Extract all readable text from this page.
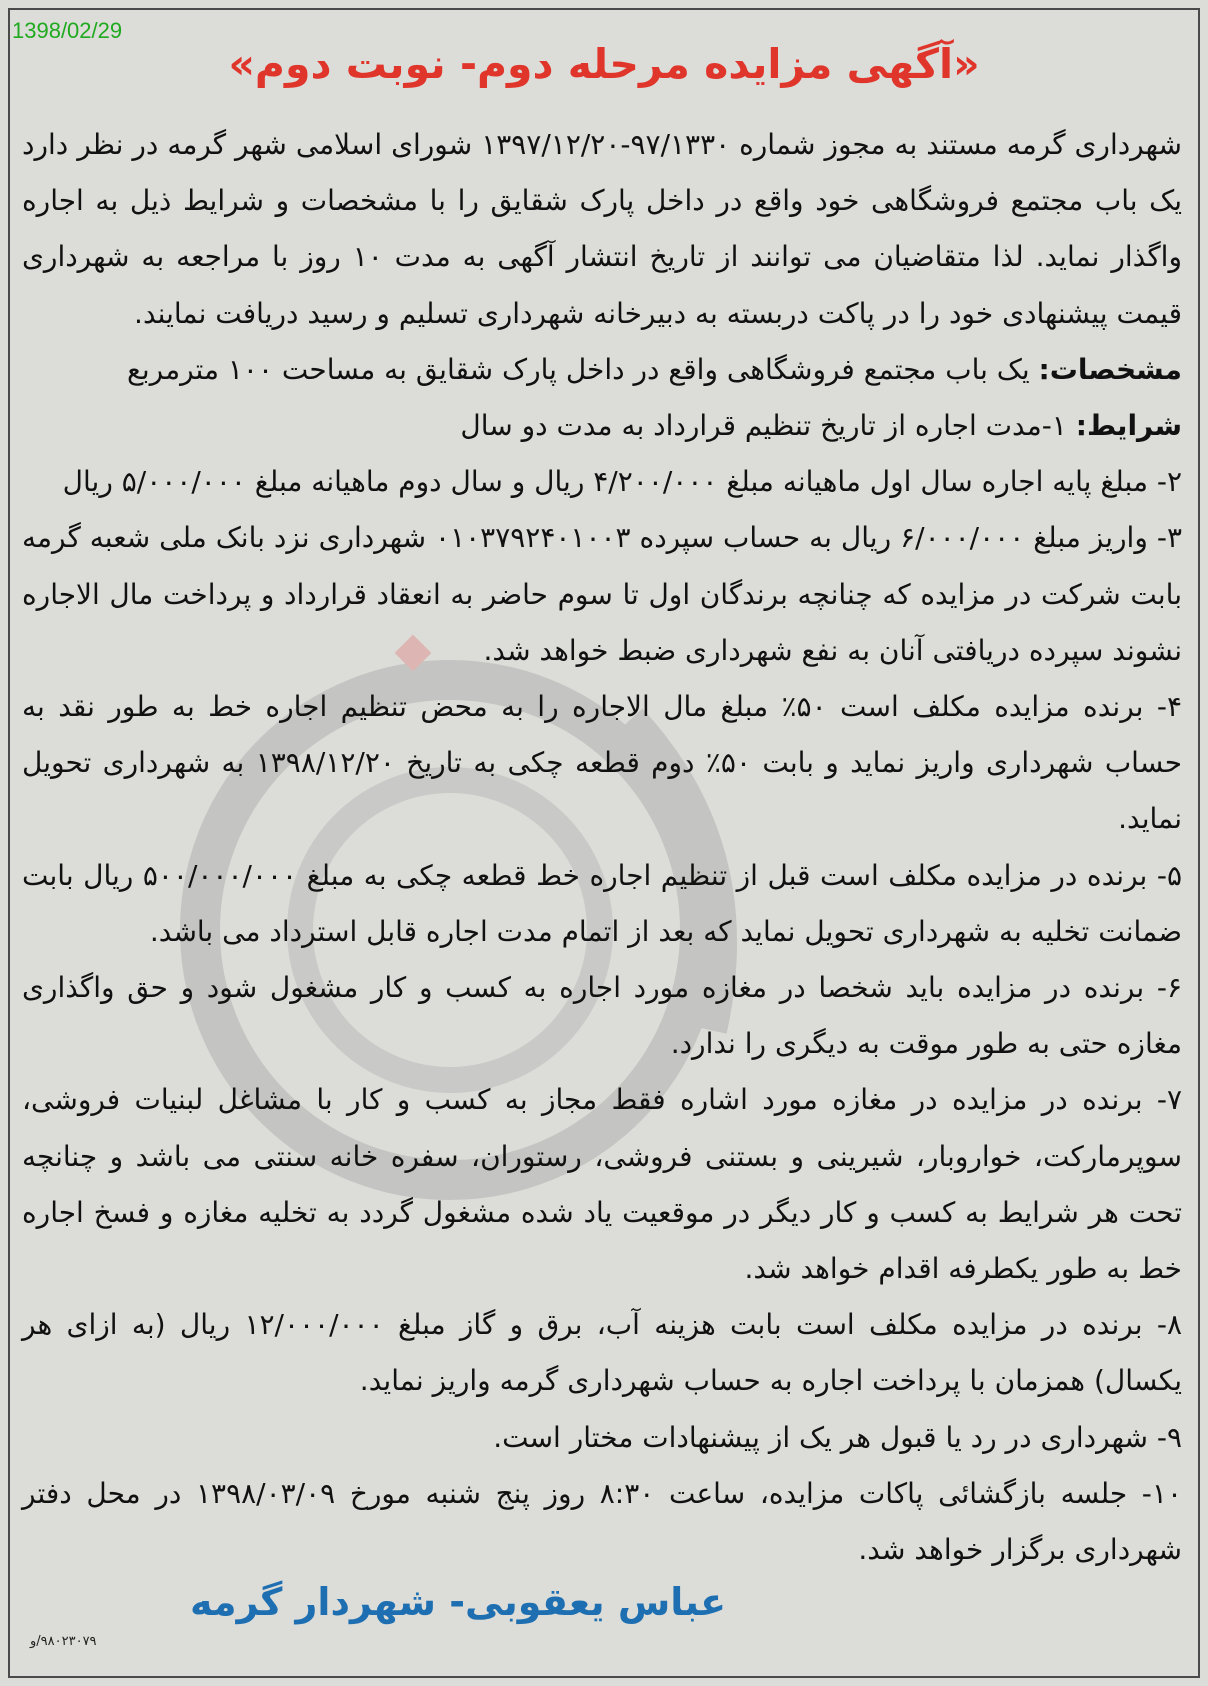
1398/02/29
«آگهی مزایده مرحله دوم- نوبت دوم»

شهرداری گرمه مستند به مجوز شماره ۹۷/۱۳۳۰-۱۳۹۷/۱۲/۲۰ شورای اسلامی شهر گرمه در نظر دارد یک باب مجتمع فروشگاهی خود واقع در داخل پارک شقایق را با مشخصات و شرایط ذیل به اجاره واگذار نماید. لذا متقاضیان می توانند از تاریخ انتشار آگهی به مدت ۱۰ روز با مراجعه به شهرداری قیمت پیشنهادی خود را در پاکت دربسته به دبیرخانه شهرداری تسلیم و رسید دریافت نمایند.

مشخصات: یک باب مجتمع فروشگاهی واقع در داخل پارک شقایق به مساحت ۱۰۰ مترمربع

شرایط: ۱-مدت اجاره از تاریخ تنظیم قرارداد به مدت دو سال

۲- مبلغ پایه اجاره سال اول ماهیانه مبلغ ۴/۲۰۰/۰۰۰ ریال و سال دوم ماهیانه مبلغ ۵/۰۰۰/۰۰۰ ریال

۳- واریز مبلغ ۶/۰۰۰/۰۰۰ ریال به حساب سپرده ۰۱۰۳۷۹۲۴۰۱۰۰۳ شهرداری نزد بانک ملی شعبه گرمه بابت شرکت در مزایده که چنانچه برندگان اول تا سوم حاضر به انعقاد قرارداد و پرداخت مال الاجاره نشوند سپرده دریافتی آنان به نفع شهرداری ضبط خواهد شد.

۴- برنده مزایده مکلف است ۵۰٪ مبلغ مال الاجاره را به محض تنظیم اجاره خط به طور نقد به حساب شهرداری واریز نماید و بابت ۵۰٪ دوم قطعه چکی به تاریخ ۱۳۹۸/۱۲/۲۰ به شهرداری تحویل نماید.

۵- برنده در مزایده مکلف است قبل از تنظیم اجاره خط قطعه چکی به مبلغ ۵۰۰/۰۰۰/۰۰۰ ریال بابت ضمانت تخلیه به شهرداری تحویل نماید که بعد از اتمام مدت اجاره قابل استرداد می باشد.

۶- برنده در مزایده باید شخصا در مغازه مورد اجاره به کسب و کار مشغول شود و حق واگذاری مغازه حتی به طور موقت به دیگری را ندارد.

۷- برنده در مزایده در مغازه مورد اشاره فقط مجاز به کسب و کار با مشاغل لبنیات فروشی، سوپرمارکت، خواروبار، شیرینی و بستنی فروشی، رستوران، سفره خانه سنتی می باشد و چنانچه تحت هر شرایط به کسب و کار دیگر در موقعیت یاد شده مشغول گردد به تخلیه مغازه و فسخ اجاره خط به طور یکطرفه اقدام خواهد شد.

۸- برنده در مزایده مکلف است بابت هزینه آب، برق و گاز مبلغ ۱۲/۰۰۰/۰۰۰ ریال (به ازای هر یکسال) همزمان با پرداخت اجاره به حساب شهرداری گرمه واریز نماید.

۹- شهرداری در رد یا قبول هر یک از پیشنهادات مختار است.

۱۰- جلسه بازگشائی پاکات مزایده، ساعت ۸:۳۰ روز پنج شنبه مورخ ۱۳۹۸/۰۳/۰۹ در محل دفتر شهرداری برگزار خواهد شد.

عباس یعقوبی- شهردار گرمه
۹۸۰۲۳۰۷۹/و
